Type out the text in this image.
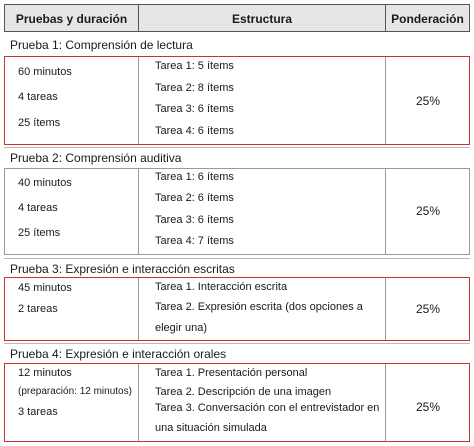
Pruebas y duración	Estructura	Ponderación
Prueba 1: Comprensión de lectura
60 minutos
4 tareas
25 ítems
Tarea 1: 5 ítems
Tarea 2: 8 ítems
Tarea 3: 6 ítems
Tarea 4: 6 ítems
25%
Prueba 2: Comprensión auditiva
40 minutos
4 tareas
25 ítems
Tarea 1: 6 ítems
Tarea 2: 6 ítems
Tarea 3: 6 ítems
Tarea 4: 7 ítems
25%
Prueba 3: Expresión e interacción escritas
45 minutos
2 tareas
Tarea 1. Interacción escrita
Tarea 2. Expresión escrita (dos opciones a elegir una)
25%
Prueba 4: Expresión e interacción orales
12 minutos
(preparación: 12 minutos)
3 tareas
Tarea 1. Presentación personal
Tarea 2. Descripción de una imagen
Tarea 3. Conversación con el entrevistador en una situación simulada
25%
